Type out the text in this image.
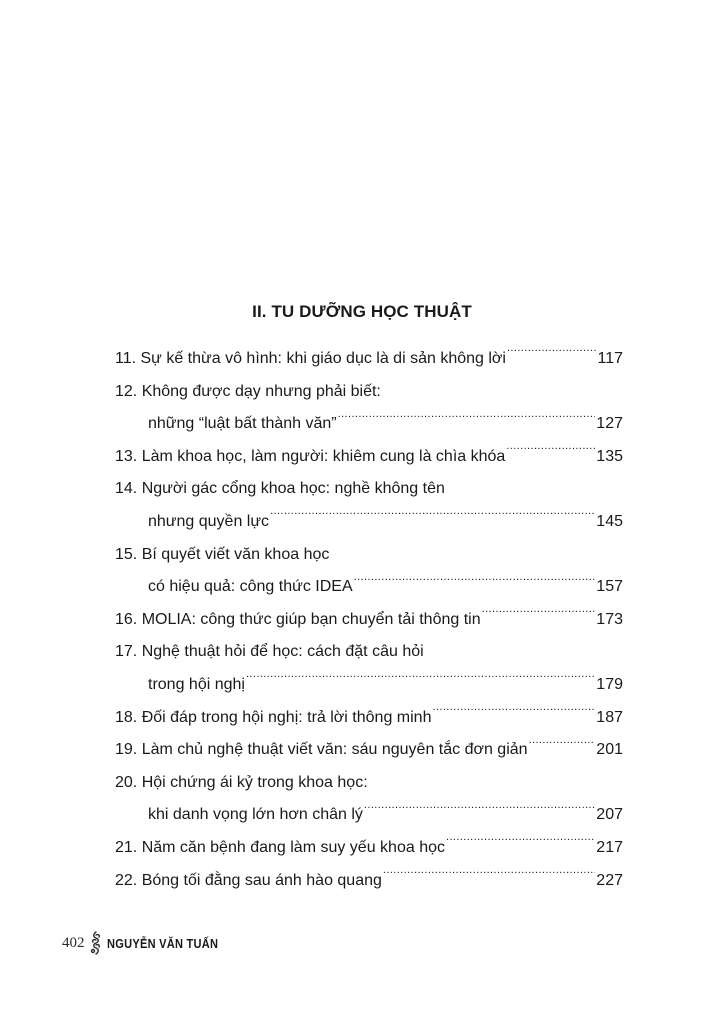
II. TU DƯỠNG HỌC THUẬT
11. Sự kế thừa vô hình: khi giáo dục là di sản không lời .....	117
12. Không được dạy nhưng phải biết:
những “luật bất thành văn” .....	127
13. Làm khoa học, làm người: khiêm cung là chìa khóa .....	135
14. Người gác cổng khoa học: nghề không tên
nhưng quyền lực .....	145
15. Bí quyết viết văn khoa học
có hiệu quả: công thức IDEA .....	157
16. MOLIA: công thức giúp bạn chuyển tải thông tin .....	173
17. Nghệ thuật hỏi để học: cách đặt câu hỏi
trong hội nghị .....	179
18. Đối đáp trong hội nghị: trả lời thông minh .....	187
19. Làm chủ nghệ thuật viết văn: sáu nguyên tắc đơn giản .....	201
20. Hội chứng ái kỷ trong khoa học:
khi danh vọng lớn hơn chân lý .....	207
21. Năm căn bệnh đang làm suy yếu khoa học .....	217
22. Bóng tối đằng sau ánh hào quang .....	227
402 NGUYỄN VĂN TUẤN
